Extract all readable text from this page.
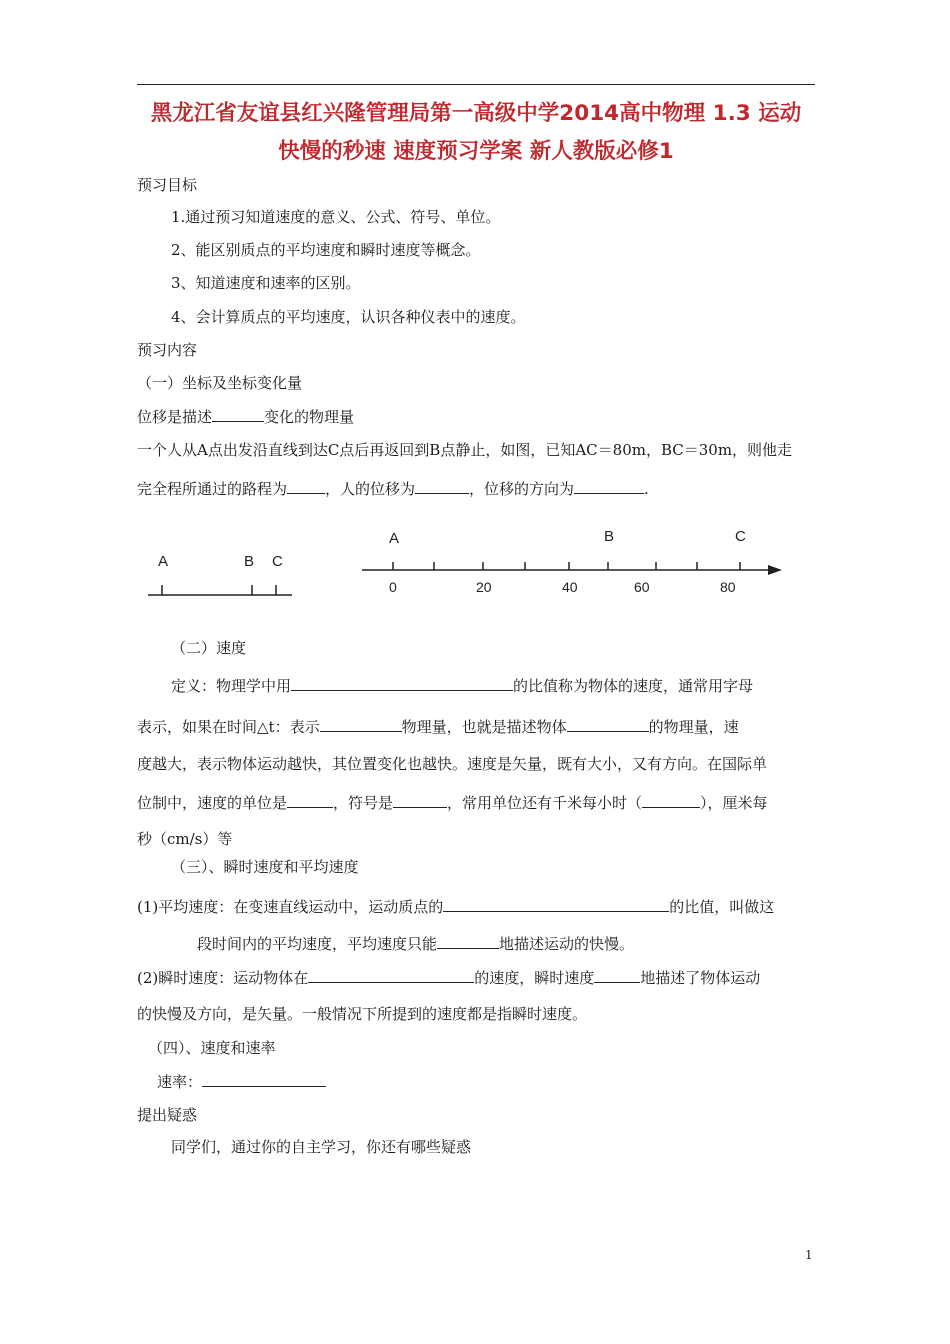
黑龙江省友谊县红兴隆管理局第一高级中学2014高中物理 1.3 运动
快慢的秒速 速度预习学案 新人教版必修1
预习目标
1.通过预习知道速度的意义、公式、符号、单位。
2、能区别质点的平均速度和瞬时速度等概念。
3、知道速度和速率的区别。
4、会计算质点的平均速度，认识各种仪表中的速度。
预习内容
（一）坐标及坐标变化量
位移是描述	变化的物理量
一个人从A点出发沿直线到达C点后再返回到B点静止，如图，已知AC＝80m，BC＝30m，则他走
完全程所通过的路程为	，人的位移为	，位移的方向为	.
A	B C
A	B	C
0	20	40	60	80
（二）速度
定义：物理学中用	的比值称为物体的速度，通常用字母
表示，如果在时间△t：表示	物理量，也就是描述物体	的物理量，速
度越大，表示物体运动越快，其位置变化也越快。速度是矢量，既有大小，又有方向。在国际单
位制中，速度的单位是	，符号是	，常用单位还有千米每小时（	），厘米每
秒（cm/s）等
（三）、瞬时速度和平均速度
(1)平均速度：在变速直线运动中，运动质点的	的比值，叫做这
段时间内的平均速度，平均速度只能	地描述运动的快慢。
(2)瞬时速度：运动物体在	的速度，瞬时速度	地描述了物体运动
的快慢及方向，是矢量。一般情况下所提到的速度都是指瞬时速度。
（四）、速度和速率
速率：
提出疑惑
同学们，通过你的自主学习，你还有哪些疑惑
1
